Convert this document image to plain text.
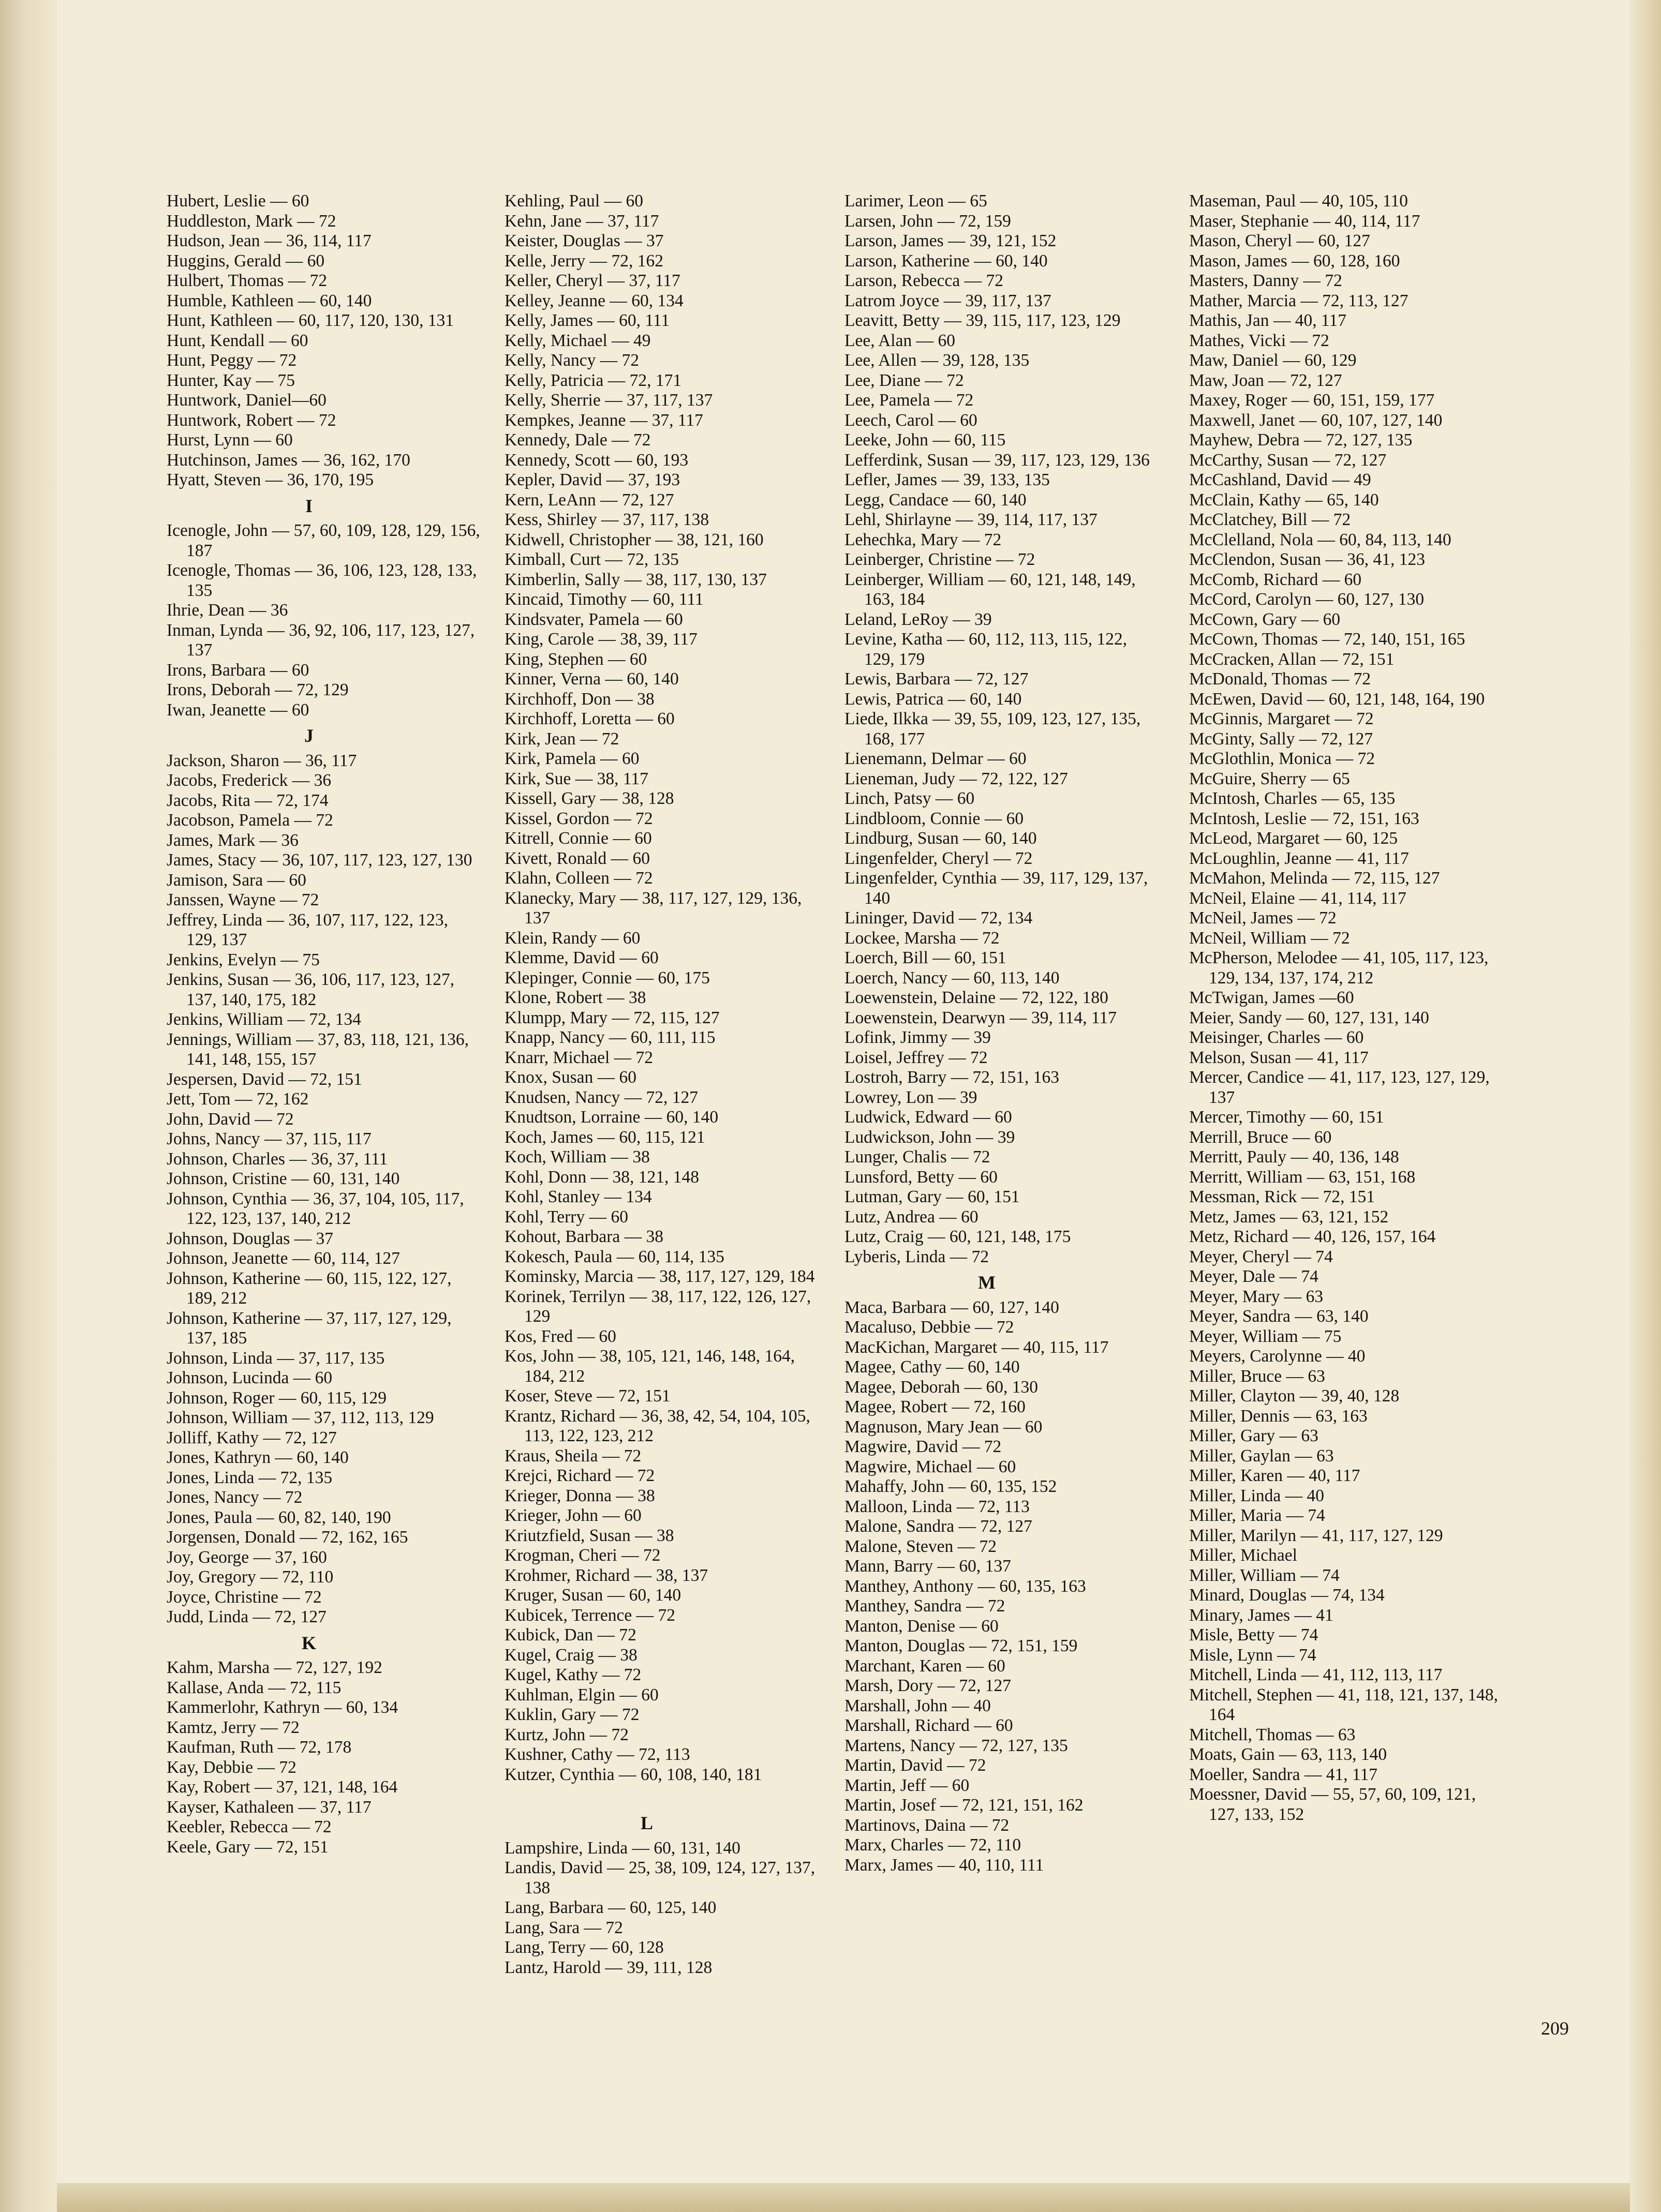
Hubert, Leslie — 60
Huddleston, Mark — 72
Hudson, Jean — 36, 114, 117
Huggins, Gerald — 60
Hulbert, Thomas — 72
Humble, Kathleen — 60, 140
Hunt, Kathleen — 60, 117, 120, 130, 131
Hunt, Kendall — 60
Hunt, Peggy — 72
Hunter, Kay — 75
Huntwork, Daniel—60
Huntwork, Robert — 72
Hurst, Lynn — 60
Hutchinson, James — 36, 162, 170
Hyatt, Steven — 36, 170, 195
I
Icenogle, John — 57, 60, 109, 128, 129, 156, 187
Icenogle, Thomas — 36, 106, 123, 128, 133, 135
Ihrie, Dean — 36
Inman, Lynda — 36, 92, 106, 117, 123, 127, 137
Irons, Barbara — 60
Irons, Deborah — 72, 129
Iwan, Jeanette — 60
J
Jackson, Sharon — 36, 117
Jacobs, Frederick — 36
Jacobs, Rita — 72, 174
Jacobson, Pamela — 72
James, Mark — 36
James, Stacy — 36, 107, 117, 123, 127, 130
Jamison, Sara — 60
Janssen, Wayne — 72
Jeffrey, Linda — 36, 107, 117, 122, 123, 129, 137
Jenkins, Evelyn — 75
Jenkins, Susan — 36, 106, 117, 123, 127, 137, 140, 175, 182
Jenkins, William — 72, 134
Jennings, William — 37, 83, 118, 121, 136, 141, 148, 155, 157
Jespersen, David — 72, 151
Jett, Tom — 72, 162
John, David — 72
Johns, Nancy — 37, 115, 117
Johnson, Charles — 36, 37, 111
Johnson, Cristine — 60, 131, 140
Johnson, Cynthia — 36, 37, 104, 105, 117, 122, 123, 137, 140, 212
Johnson, Douglas — 37
Johnson, Jeanette — 60, 114, 127
Johnson, Katherine — 60, 115, 122, 127, 189, 212
Johnson, Katherine — 37, 117, 127, 129, 137, 185
Johnson, Linda — 37, 117, 135
Johnson, Lucinda — 60
Johnson, Roger — 60, 115, 129
Johnson, William — 37, 112, 113, 129
Jolliff, Kathy — 72, 127
Jones, Kathryn — 60, 140
Jones, Linda — 72, 135
Jones, Nancy — 72
Jones, Paula — 60, 82, 140, 190
Jorgensen, Donald — 72, 162, 165
Joy, George — 37, 160
Joy, Gregory — 72, 110
Joyce, Christine — 72
Judd, Linda — 72, 127
K
Kahm, Marsha — 72, 127, 192
Kallase, Anda — 72, 115
Kammerlohr, Kathryn — 60, 134
Kamtz, Jerry — 72
Kaufman, Ruth — 72, 178
Kay, Debbie — 72
Kay, Robert — 37, 121, 148, 164
Kayser, Kathaleen — 37, 117
Keebler, Rebecca — 72
Keele, Gary — 72, 151
Kehling, Paul — 60
Kehn, Jane — 37, 117
Keister, Douglas — 37
Kelle, Jerry — 72, 162
Keller, Cheryl — 37, 117
Kelley, Jeanne — 60, 134
Kelly, James — 60, 111
Kelly, Michael — 49
Kelly, Nancy — 72
Kelly, Patricia — 72, 171
Kelly, Sherrie — 37, 117, 137
Kempkes, Jeanne — 37, 117
Kennedy, Dale — 72
Kennedy, Scott — 60, 193
Kepler, David — 37, 193
Kern, LeAnn — 72, 127
Kess, Shirley — 37, 117, 138
Kidwell, Christopher — 38, 121, 160
Kimball, Curt — 72, 135
Kimberlin, Sally — 38, 117, 130, 137
Kincaid, Timothy — 60, 111
Kindsvater, Pamela — 60
King, Carole — 38, 39, 117
King, Stephen — 60
Kinner, Verna — 60, 140
Kirchhoff, Don — 38
Kirchhoff, Loretta — 60
Kirk, Jean — 72
Kirk, Pamela — 60
Kirk, Sue — 38, 117
Kissell, Gary — 38, 128
Kissel, Gordon — 72
Kitrell, Connie — 60
Kivett, Ronald — 60
Klahn, Colleen — 72
Klanecky, Mary — 38, 117, 127, 129, 136, 137
Klein, Randy — 60
Klemme, David — 60
Klepinger, Connie — 60, 175
Klone, Robert — 38
Klumpp, Mary — 72, 115, 127
Knapp, Nancy — 60, 111, 115
Knarr, Michael — 72
Knox, Susan — 60
Knudsen, Nancy — 72, 127
Knudtson, Lorraine — 60, 140
Koch, James — 60, 115, 121
Koch, William — 38
Kohl, Donn — 38, 121, 148
Kohl, Stanley — 134
Kohl, Terry — 60
Kohout, Barbara — 38
Kokesch, Paula — 60, 114, 135
Kominsky, Marcia — 38, 117, 127, 129, 184
Korinek, Terrilyn — 38, 117, 122, 126, 127, 129
Kos, Fred — 60
Kos, John — 38, 105, 121, 146, 148, 164, 184, 212
Koser, Steve — 72, 151
Krantz, Richard — 36, 38, 42, 54, 104, 105, 113, 122, 123, 212
Kraus, Sheila — 72
Krejci, Richard — 72
Krieger, Donna — 38
Krieger, John — 60
Kriutzfield, Susan — 38
Krogman, Cheri — 72
Krohmer, Richard — 38, 137
Kruger, Susan — 60, 140
Kubicek, Terrence — 72
Kubick, Dan — 72
Kugel, Craig — 38
Kugel, Kathy — 72
Kuhlman, Elgin — 60
Kuklin, Gary — 72
Kurtz, John — 72
Kushner, Cathy — 72, 113
Kutzer, Cynthia — 60, 108, 140, 181
L
Lampshire, Linda — 60, 131, 140
Landis, David — 25, 38, 109, 124, 127, 137, 138
Lang, Barbara — 60, 125, 140
Lang, Sara — 72
Lang, Terry — 60, 128
Lantz, Harold — 39, 111, 128
Larimer, Leon — 65
Larsen, John — 72, 159
Larson, James — 39, 121, 152
Larson, Katherine — 60, 140
Larson, Rebecca — 72
Latrom Joyce — 39, 117, 137
Leavitt, Betty — 39, 115, 117, 123, 129
Lee, Alan — 60
Lee, Allen — 39, 128, 135
Lee, Diane — 72
Lee, Pamela — 72
Leech, Carol — 60
Leeke, John — 60, 115
Lefferdink, Susan — 39, 117, 123, 129, 136
Lefler, James — 39, 133, 135
Legg, Candace — 60, 140
Lehl, Shirlayne — 39, 114, 117, 137
Lehechka, Mary — 72
Leinberger, Christine — 72
Leinberger, William — 60, 121, 148, 149, 163, 184
Leland, LeRoy — 39
Levine, Katha — 60, 112, 113, 115, 122, 129, 179
Lewis, Barbara — 72, 127
Lewis, Patrica — 60, 140
Liede, Ilkka — 39, 55, 109, 123, 127, 135, 168, 177
Lienemann, Delmar — 60
Lieneman, Judy — 72, 122, 127
Linch, Patsy — 60
Lindbloom, Connie — 60
Lindburg, Susan — 60, 140
Lingenfelder, Cheryl — 72
Lingenfelder, Cynthia — 39, 117, 129, 137, 140
Lininger, David — 72, 134
Lockee, Marsha — 72
Loerch, Bill — 60, 151
Loerch, Nancy — 60, 113, 140
Loewenstein, Delaine — 72, 122, 180
Loewenstein, Dearwyn — 39, 114, 117
Lofink, Jimmy — 39
Loisel, Jeffrey — 72
Lostroh, Barry — 72, 151, 163
Lowrey, Lon — 39
Ludwick, Edward — 60
Ludwickson, John — 39
Lunger, Chalis — 72
Lunsford, Betty — 60
Lutman, Gary — 60, 151
Lutz, Andrea — 60
Lutz, Craig — 60, 121, 148, 175
Lyberis, Linda — 72
M
Maca, Barbara — 60, 127, 140
Macaluso, Debbie — 72
MacKichan, Margaret — 40, 115, 117
Magee, Cathy — 60, 140
Magee, Deborah — 60, 130
Magee, Robert — 72, 160
Magnuson, Mary Jean — 60
Magwire, David — 72
Magwire, Michael — 60
Mahaffy, John — 60, 135, 152
Malloon, Linda — 72, 113
Malone, Sandra — 72, 127
Malone, Steven — 72
Mann, Barry — 60, 137
Manthey, Anthony — 60, 135, 163
Manthey, Sandra — 72
Manton, Denise — 60
Manton, Douglas — 72, 151, 159
Marchant, Karen — 60
Marsh, Dory — 72, 127
Marshall, John — 40
Marshall, Richard — 60
Martens, Nancy — 72, 127, 135
Martin, David — 72
Martin, Jeff — 60
Martin, Josef — 72, 121, 151, 162
Martinovs, Daina — 72
Marx, Charles — 72, 110
Marx, James — 40, 110, 111
Maseman, Paul — 40, 105, 110
Maser, Stephanie — 40, 114, 117
Mason, Cheryl — 60, 127
Mason, James — 60, 128, 160
Masters, Danny — 72
Mather, Marcia — 72, 113, 127
Mathis, Jan — 40, 117
Mathes, Vicki — 72
Maw, Daniel — 60, 129
Maw, Joan — 72, 127
Maxey, Roger — 60, 151, 159, 177
Maxwell, Janet — 60, 107, 127, 140
Mayhew, Debra — 72, 127, 135
McCarthy, Susan — 72, 127
McCashland, David — 49
McClain, Kathy — 65, 140
McClatchey, Bill — 72
McClelland, Nola — 60, 84, 113, 140
McClendon, Susan — 36, 41, 123
McComb, Richard — 60
McCord, Carolyn — 60, 127, 130
McCown, Gary — 60
McCown, Thomas — 72, 140, 151, 165
McCracken, Allan — 72, 151
McDonald, Thomas — 72
McEwen, David — 60, 121, 148, 164, 190
McGinnis, Margaret — 72
McGinty, Sally — 72, 127
McGlothlin, Monica — 72
McGuire, Sherry — 65
McIntosh, Charles — 65, 135
McIntosh, Leslie — 72, 151, 163
McLeod, Margaret — 60, 125
McLoughlin, Jeanne — 41, 117
McMahon, Melinda — 72, 115, 127
McNeil, Elaine — 41, 114, 117
McNeil, James — 72
McNeil, William — 72
McPherson, Melodee — 41, 105, 117, 123, 129, 134, 137, 174, 212
McTwigan, James —60
Meier, Sandy — 60, 127, 131, 140
Meisinger, Charles — 60
Melson, Susan — 41, 117
Mercer, Candice — 41, 117, 123, 127, 129, 137
Mercer, Timothy — 60, 151
Merrill, Bruce — 60
Merritt, Pauly — 40, 136, 148
Merritt, William — 63, 151, 168
Messman, Rick — 72, 151
Metz, James — 63, 121, 152
Metz, Richard — 40, 126, 157, 164
Meyer, Cheryl — 74
Meyer, Dale — 74
Meyer, Mary — 63
Meyer, Sandra — 63, 140
Meyer, William — 75
Meyers, Carolynne — 40
Miller, Bruce — 63
Miller, Clayton — 39, 40, 128
Miller, Dennis — 63, 163
Miller, Gary — 63
Miller, Gaylan — 63
Miller, Karen — 40, 117
Miller, Linda — 40
Miller, Maria — 74
Miller, Marilyn — 41, 117, 127, 129
Miller, Michael
Miller, William — 74
Minard, Douglas — 74, 134
Minary, James — 41
Misle, Betty — 74
Misle, Lynn — 74
Mitchell, Linda — 41, 112, 113, 117
Mitchell, Stephen — 41, 118, 121, 137, 148, 164
Mitchell, Thomas — 63
Moats, Gain — 63, 113, 140
Moeller, Sandra — 41, 117
Moessner, David — 55, 57, 60, 109, 121, 127, 133, 152
209
